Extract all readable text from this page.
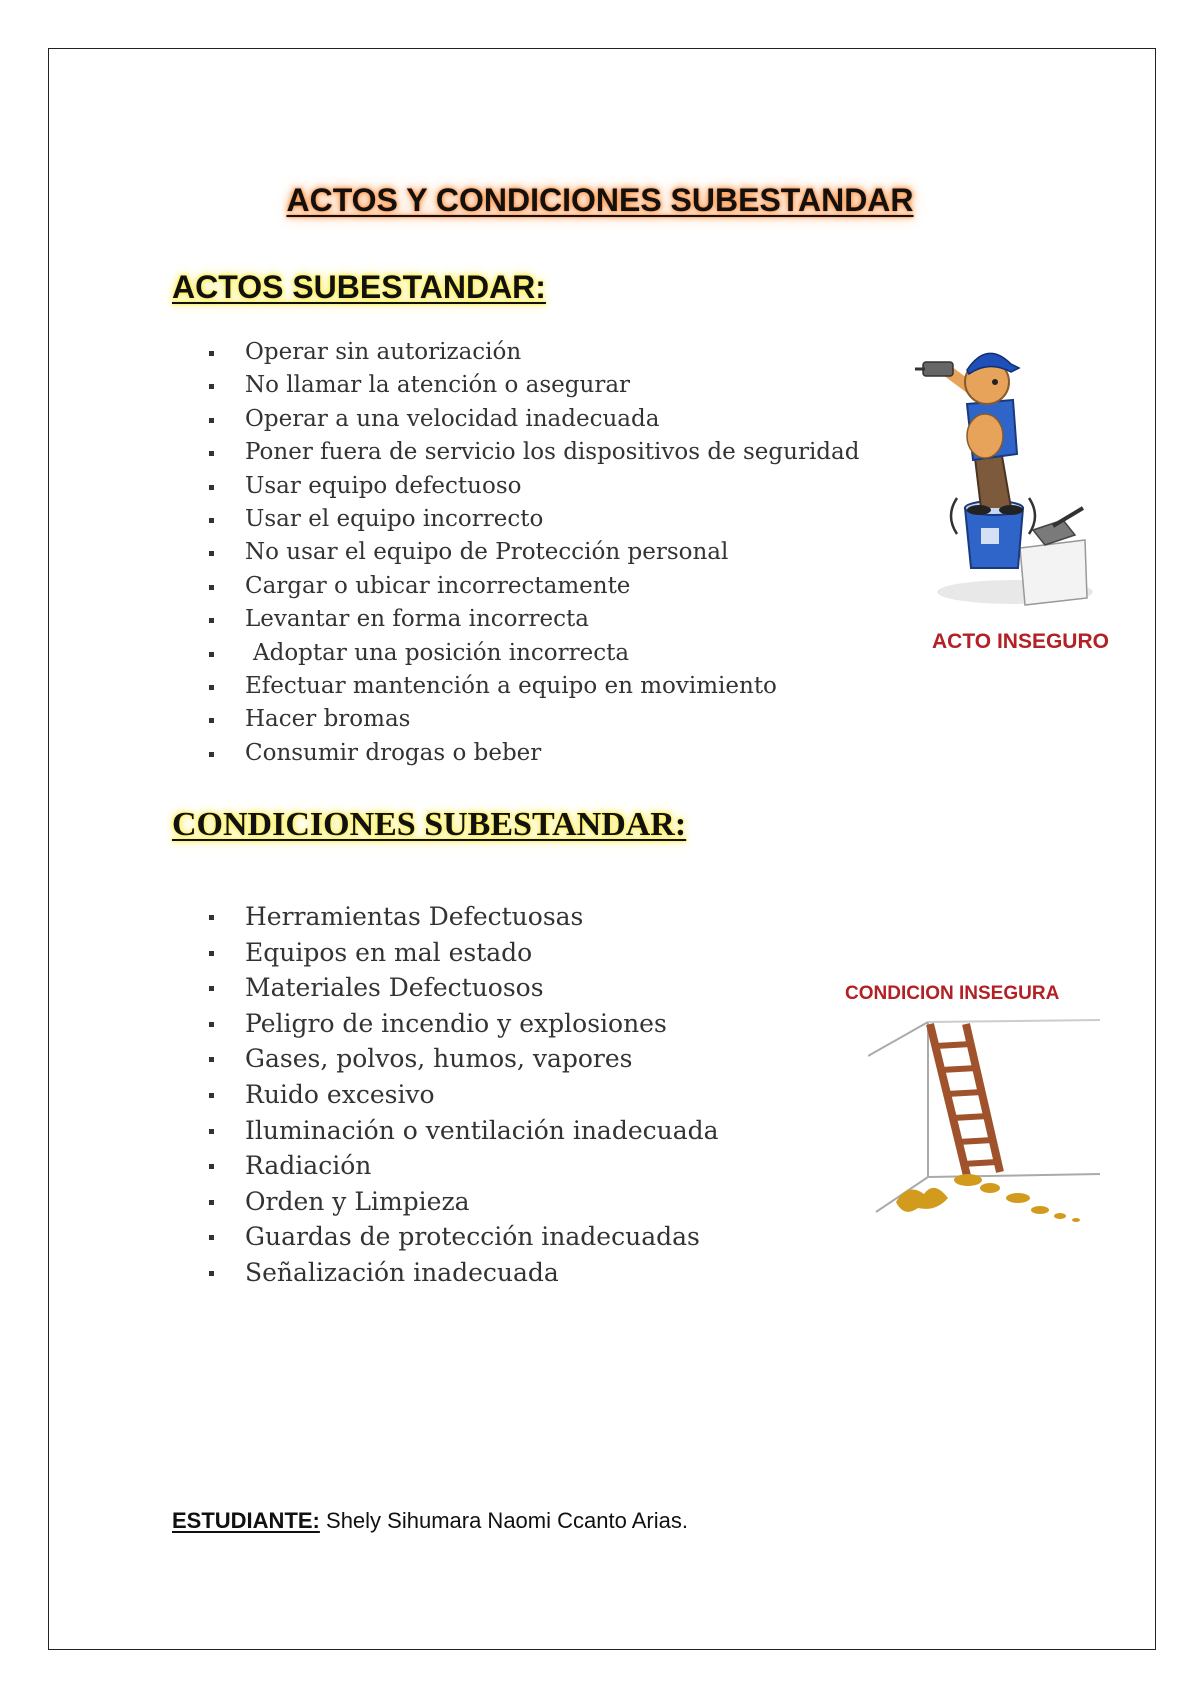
ACTOS Y CONDICIONES SUBESTANDAR
ACTOS SUBESTANDAR:
Operar sin autorización
No llamar la atención o asegurar
Operar a una velocidad inadecuada
Poner fuera de servicio los dispositivos de seguridad
Usar equipo defectuoso
Usar el equipo incorrecto
No usar el equipo de Protección personal
Cargar o ubicar incorrectamente
Levantar en forma incorrecta
Adoptar una posición incorrecta
Efectuar mantención a equipo en movimiento
Hacer bromas
Consumir drogas o beber
ACTO INSEGURO
CONDICIONES SUBESTANDAR:
Herramientas Defectuosas
Equipos en mal estado
Materiales Defectuosos
Peligro de incendio y explosiones
Gases, polvos, humos, vapores
Ruido excesivo
Iluminación o ventilación inadecuada
Radiación
Orden y Limpieza
Guardas de protección inadecuadas
Señalización inadecuada
CONDICION INSEGURA
ESTUDIANTE: Shely Sihumara Naomi Ccanto Arias.
